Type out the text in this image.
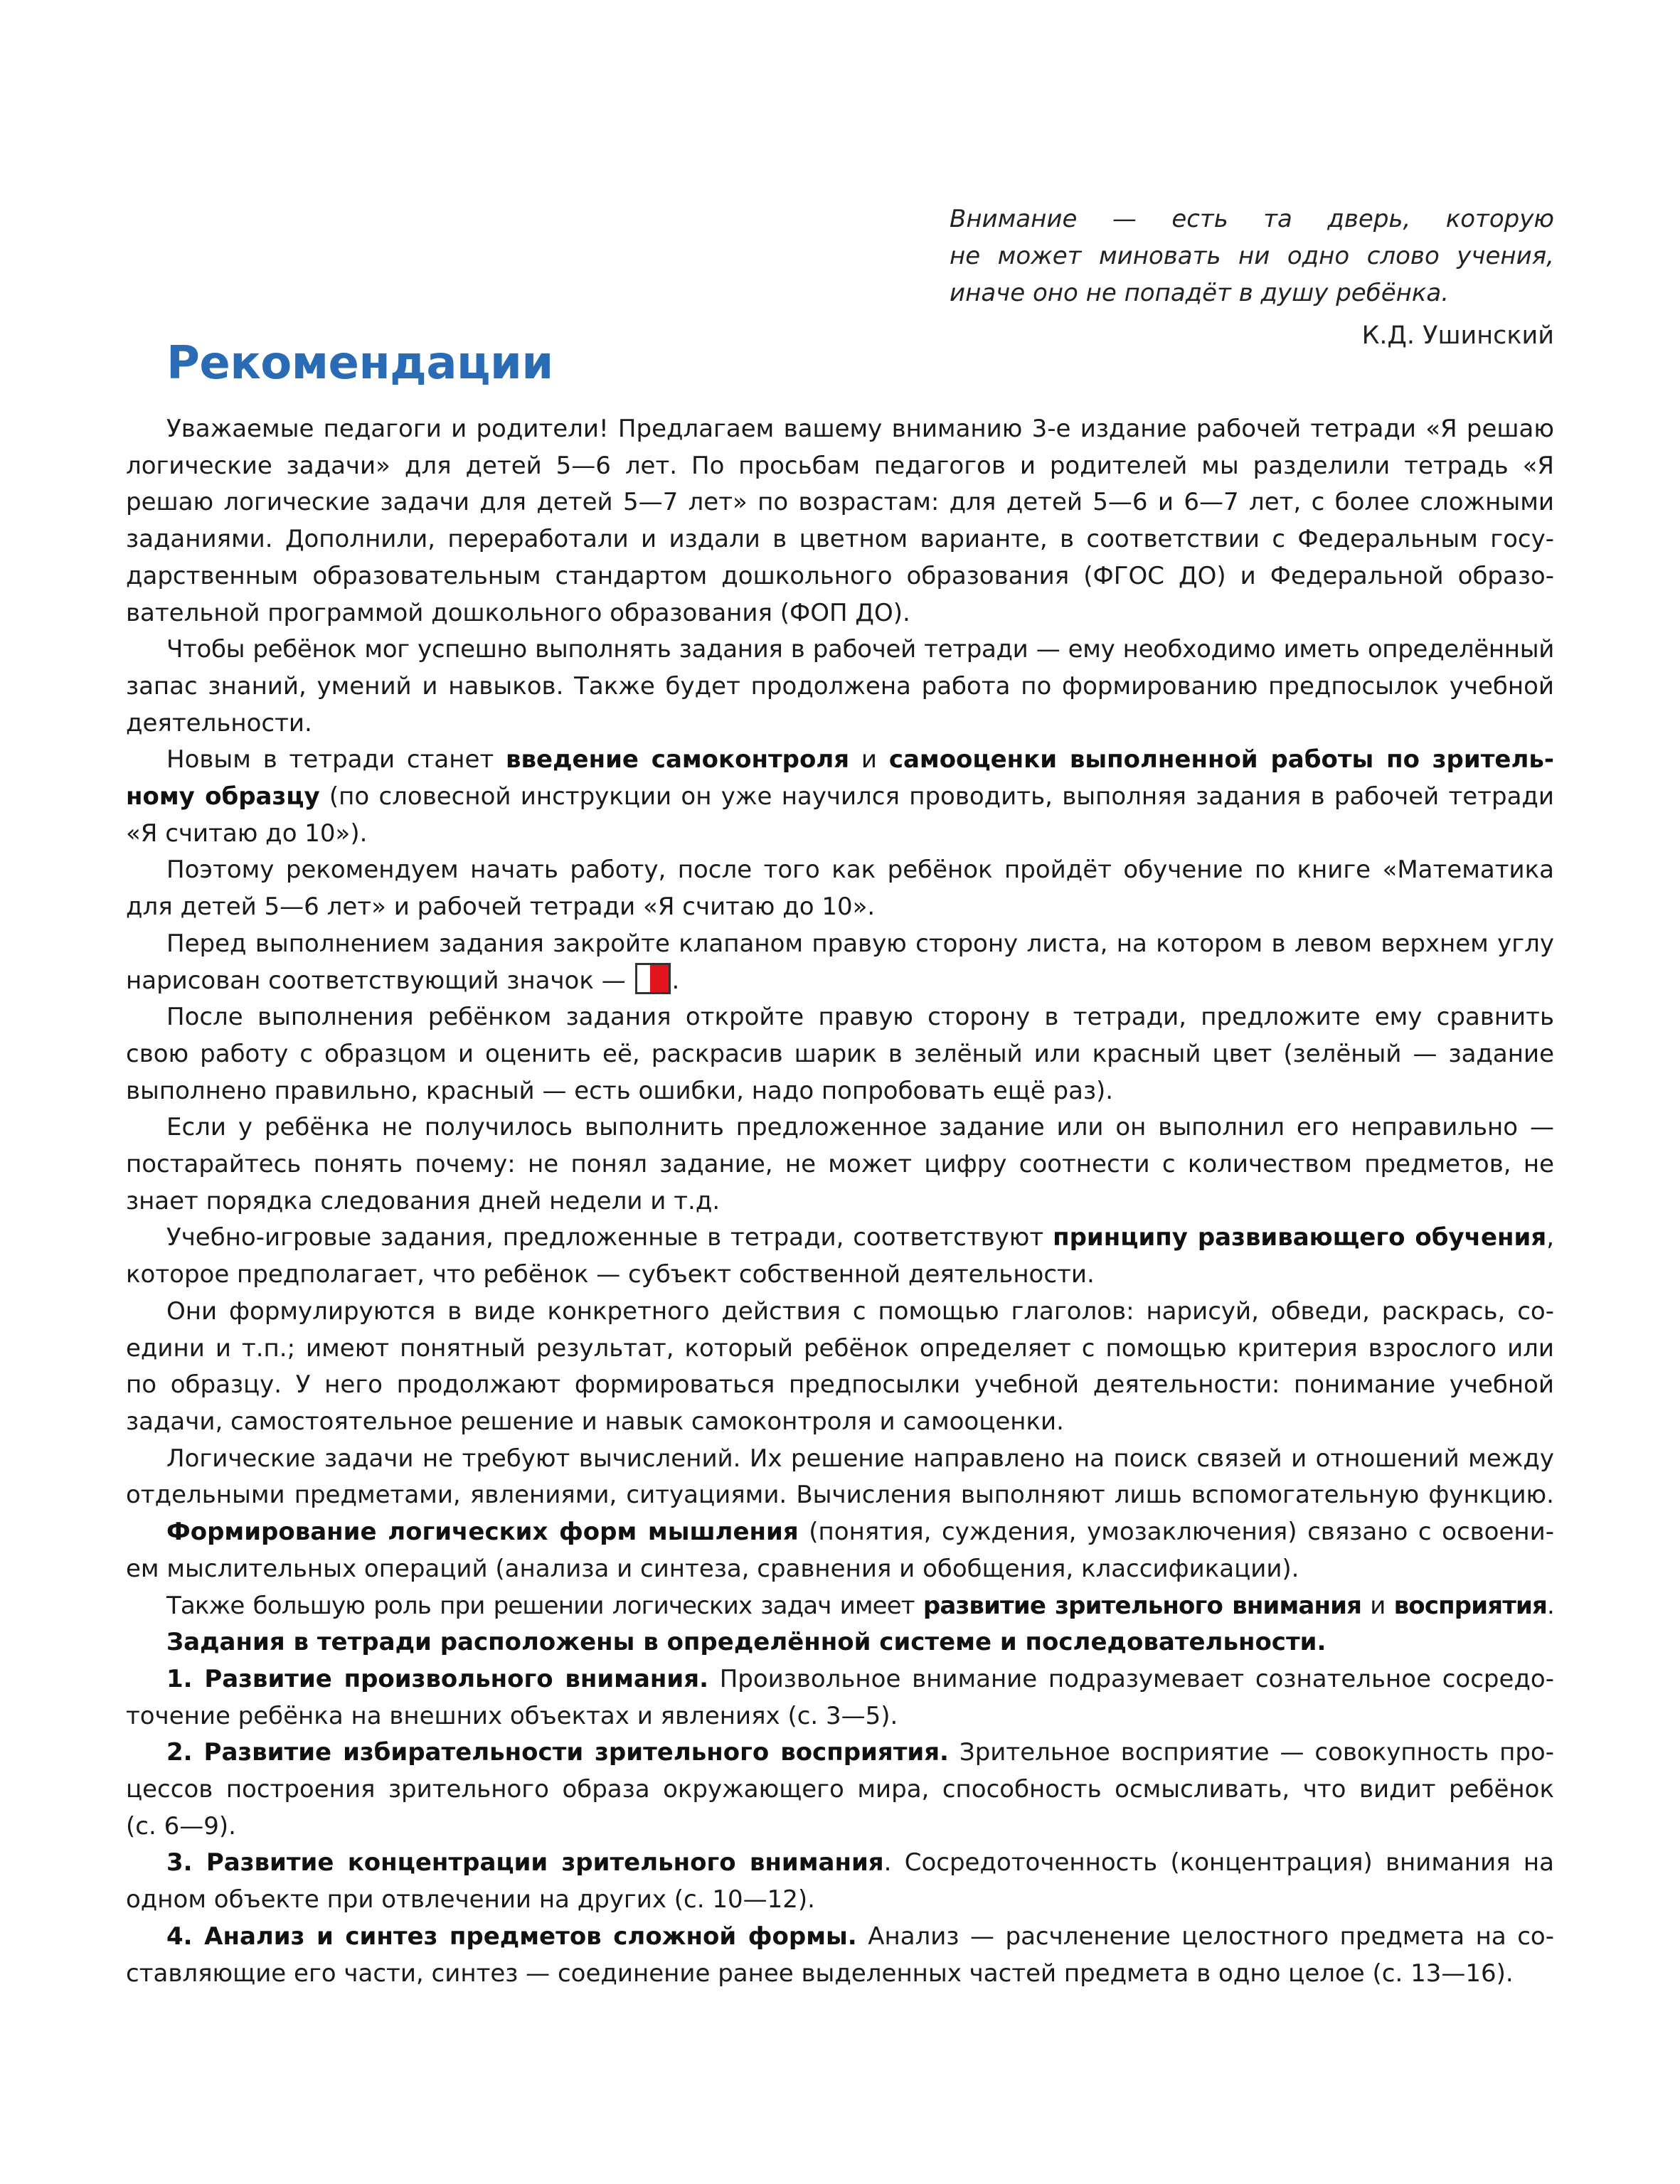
Внимание — есть та дверь, которую
не может миновать ни одно слово учения,
иначе оно не попадёт в душу ребёнка.
К.Д. Ушинский
Рекомендации
Уважаемые педагоги и родители! Предлагаем вашему вниманию 3-е издание рабочей тетради «Я решаю
логические задачи» для детей 5—6 лет. По просьбам педагогов и родителей мы разделили тетрадь «Я
решаю логические задачи для детей 5—7 лет» по возрастам: для детей 5—6 и 6—7 лет, с более сложными
заданиями. Дополнили, переработали и издали в цветном варианте, в соответствии с Федеральным госу-
дарственным образовательным стандартом дошкольного образования (ФГОС ДО) и Федеральной образо-
вательной программой дошкольного образования (ФОП ДО).
Чтобы ребёнок мог успешно выполнять задания в рабочей тетради — ему необходимо иметь определённый
запас знаний, умений и навыков. Также будет продолжена работа по формированию предпосылок учебной
деятельности.
Новым в тетради станет введение самоконтроля и самооценки выполненной работы по зритель-
ному образцу (по словесной инструкции он уже научился проводить, выполняя задания в рабочей тетради
«Я считаю до 10»).
Поэтому рекомендуем начать работу, после того как ребёнок пройдёт обучение по книге «Математика
для детей 5—6 лет» и рабочей тетради «Я считаю до 10».
Перед выполнением задания закройте клапаном правую сторону листа, на котором в левом верхнем углу
нарисован соответствующий значок —
.
После выполнения ребёнком задания откройте правую сторону в тетради, предложите ему сравнить
свою работу с образцом и оценить её, раскрасив шарик в зелёный или красный цвет (зелёный — задание
выполнено правильно, красный — есть ошибки, надо попробовать ещё раз).
Если у ребёнка не получилось выполнить предложенное задание или он выполнил его неправильно —
постарайтесь понять почему: не понял задание, не может цифру соотнести с количеством предметов, не
знает порядка следования дней недели и т.д.
Учебно-игровые задания, предложенные в тетради, соответствуют принципу развивающего обучения,
которое предполагает, что ребёнок — субъект собственной деятельности.
Они формулируются в виде конкретного действия с помощью глаголов: нарисуй, обведи, раскрась, со-
едини и т.п.; имеют понятный результат, который ребёнок определяет с помощью критерия взрослого или
по образцу. У него продолжают формироваться предпосылки учебной деятельности: понимание учебной
задачи, самостоятельное решение и навык самоконтроля и самооценки.
Логические задачи не требуют вычислений. Их решение направлено на поиск связей и отношений между
отдельными предметами, явлениями, ситуациями. Вычисления выполняют лишь вспомогательную функцию.
Формирование логических форм мышления (понятия, суждения, умозаключения) связано с освоени-
ем мыслительных операций (анализа и синтеза, сравнения и обобщения, классификации).
Также большую роль при решении логических задач имеет развитие зрительного внимания и восприятия.
Задания в тетради расположены в определённой системе и последовательности.
1. Развитие произвольного внимания. Произвольное внимание подразумевает сознательное сосредо-
точение ребёнка на внешних объектах и явлениях (с. 3—5).
2. Развитие избирательности зрительного восприятия. Зрительное восприятие — совокупность про-
цессов построения зрительного образа окружающего мира, способность осмысливать, что видит ребёнок
(с. 6—9).
3. Развитие концентрации зрительного внимания. Сосредоточенность (концентрация) внимания на
одном объекте при отвлечении на других (с. 10—12).
4. Анализ и синтез предметов сложной формы. Анализ — расчленение целостного предмета на со-
ставляющие его части, синтез — соединение ранее выделенных частей предмета в одно целое (с. 13—16).
